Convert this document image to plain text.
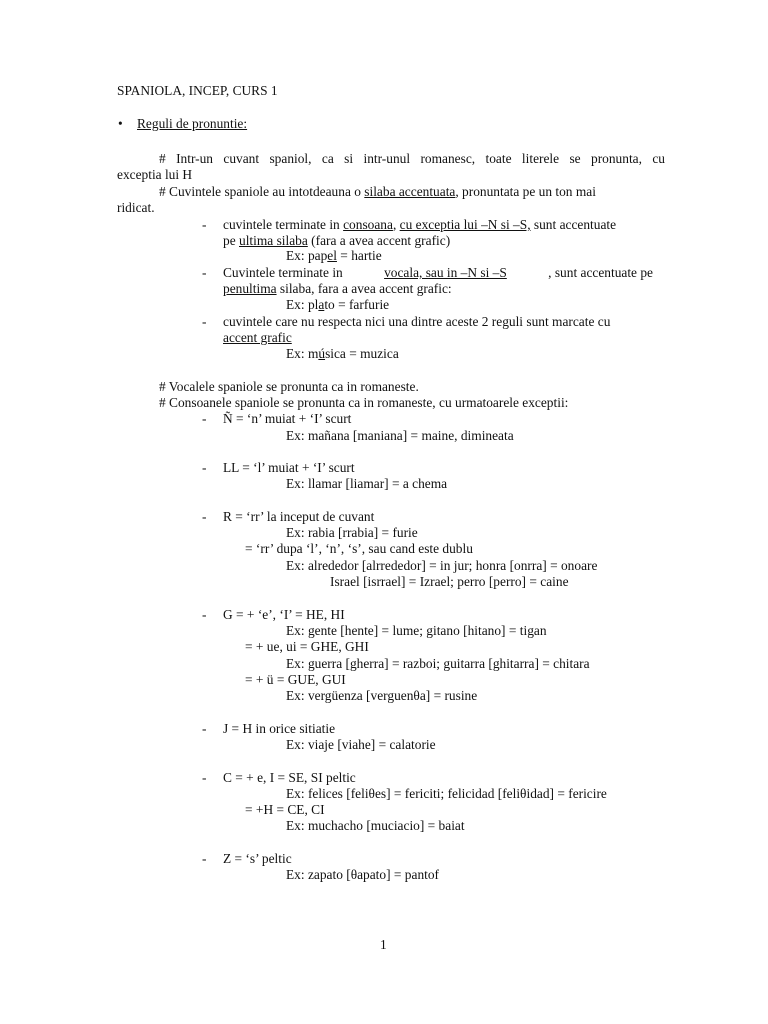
SPANIOLA, INCEP, CURS 1
• Reguli de pronuntie:
# Intr-un cuvant spaniol, ca si intr-unul romanesc, toate literele se pronunta, cu
exceptia lui H
# Cuvintele spaniole au intotdeauna o silaba accentuata, pronuntata pe un ton mai
ridicat.
- cuvintele terminate in consoana, cu exceptia lui –N si –S, sunt accentuate
pe ultima silaba (fara a avea accent grafic)
Ex: papel = hartie
- Cuvintele terminate in	vocala, sau in –N si –S	, sunt accentuate pe
penultima silaba, fara a avea accent grafic:
Ex: plato = farfurie
- cuvintele care nu respecta nici una dintre aceste 2 reguli sunt marcate cu
accent grafic
Ex: música = muzica
# Vocalele spaniole se pronunta ca in romaneste.
# Consoanele spaniole se pronunta ca in romaneste, cu urmatoarele exceptii:
- Ñ = ‘n’ muiat + ‘I’ scurt
Ex: mañana [maniana] = maine, dimineata
- LL = ‘l’ muiat + ‘I’ scurt
Ex: llamar [liamar] = a chema
- R = ‘rr’ la inceput de cuvant
Ex: rabia [rrabia] = furie
= ‘rr’ dupa ‘l’, ‘n’, ‘s’, sau cand este dublu
Ex: alrededor [alrrededor] = in jur; honra [onrra] = onoare
Israel [isrrael] = Izrael; perro [perro] = caine
- G = + ‘e’, ‘I’ = HE, HI
Ex: gente [hente] = lume; gitano [hitano] = tigan
= + ue, ui = GHE, GHI
Ex: guerra [gherra] = razboi; guitarra [ghitarra] = chitara
= + ü = GUE, GUI
Ex: vergüenza [verguenθa] = rusine
- J = H in orice sitiatie
Ex: viaje [viahe] = calatorie
- C = + e, I = SE, SI peltic
Ex: felices [feliθes] = fericiti; felicidad [feliθidad] = fericire
= +H = CE, CI
Ex: muchacho [muciacio] = baiat
- Z = ‘s’ peltic
Ex: zapato [θapato] = pantof
1
